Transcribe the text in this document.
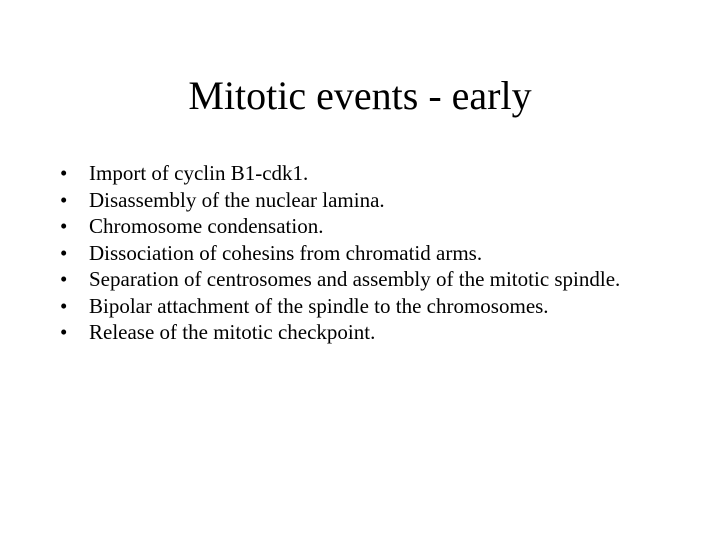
Mitotic events - early
• Import of cyclin B1-cdk1.
• Disassembly of the nuclear lamina.
• Chromosome condensation.
• Dissociation of cohesins from chromatid arms.
• Separation of centrosomes and assembly of the mitotic spindle.
• Bipolar attachment of the spindle to the chromosomes.
• Release of the mitotic checkpoint.
